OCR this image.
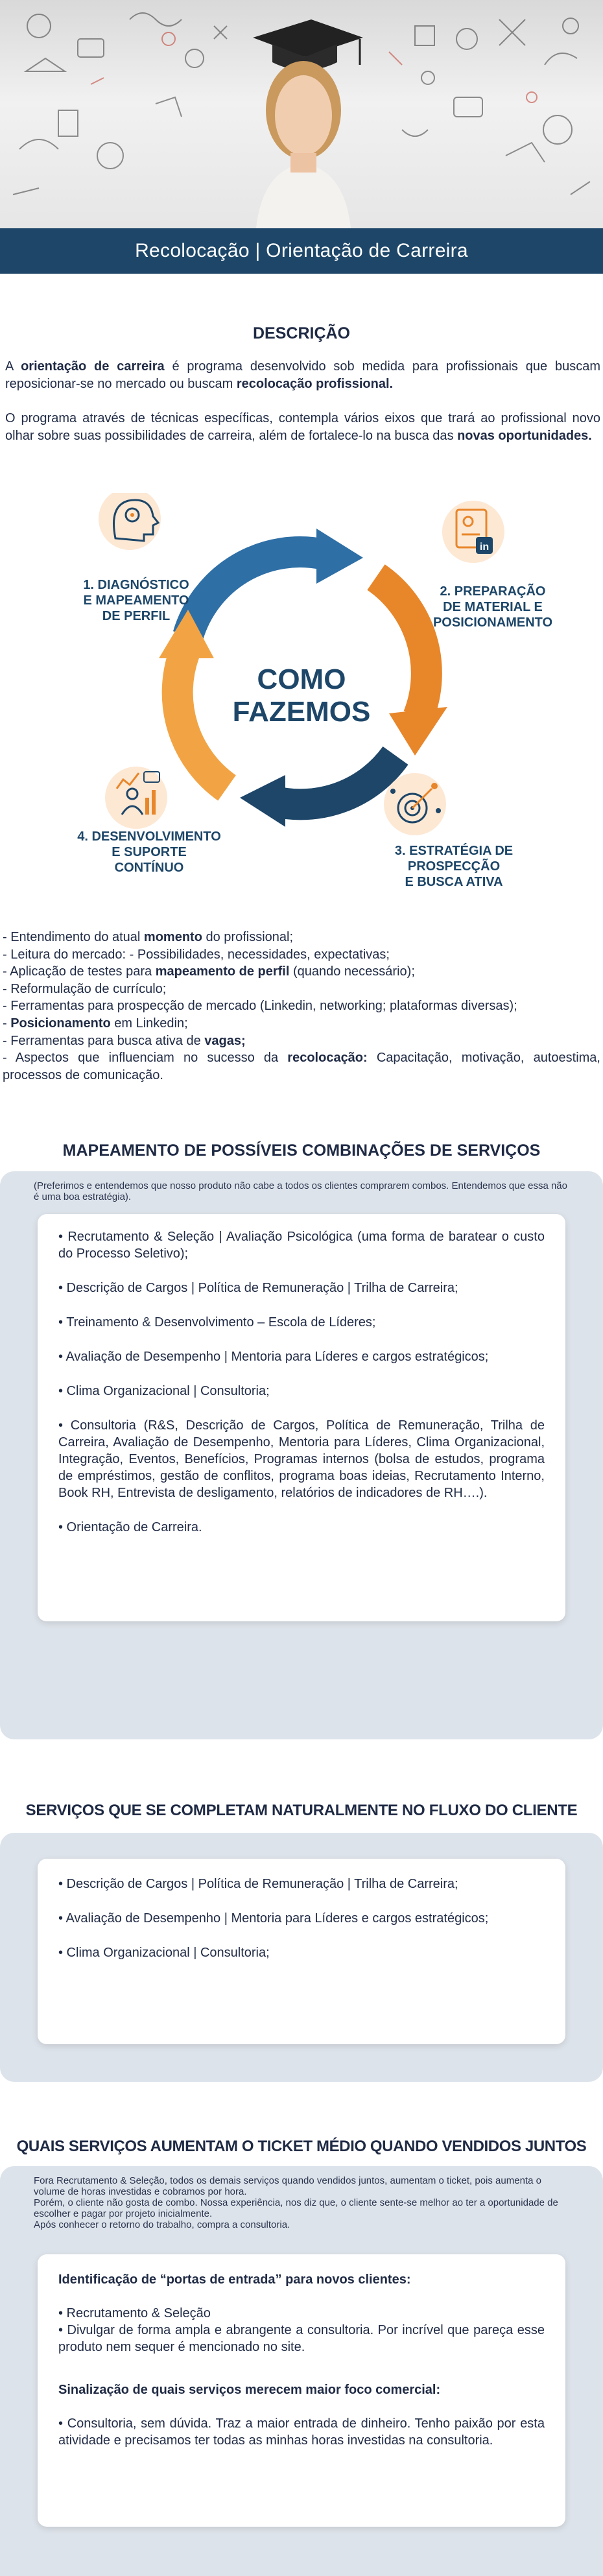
Recolocação | Orientação de Carreira
DESCRIÇÃO
A orientação de carreira é programa desenvolvido sob medida para profissionais que buscam reposicionar-se no mercado ou buscam recolocação profissional.
O programa através de técnicas específicas, contempla vários eixos que trará ao profissional novo olhar sobre suas possibilidades de carreira, além de fortalece-lo na busca das novas oportunidades.
COMO
FAZEMOS
in
1. DIAGNÓSTICO
E MAPEAMENTO
DE PERFIL
2. PREPARAÇÃO
DE MATERIAL E
POSICIONAMENTO
3. ESTRATÉGIA DE
PROSPECÇÃO
E BUSCA ATIVA
4. DESENVOLVIMENTO
E SUPORTE
CONTÍNUO
- Entendimento do atual momento do profissional;
- Leitura do mercado: - Possibilidades, necessidades, expectativas;
- Aplicação de testes para mapeamento de perfil (quando necessário);
- Reformulação de currículo;
- Ferramentas para prospecção de mercado (Linkedin, networking; plataformas diversas);
- Posicionamento em Linkedin;
- Ferramentas para busca ativa de vagas;
- Aspectos que influenciam no sucesso da recolocação: Capacitação, motivação, autoestima, processos de comunicação.
MAPEAMENTO DE POSSÍVEIS COMBINAÇÕES DE SERVIÇOS
(Preferimos e entendemos que nosso produto não cabe a todos os clientes comprarem combos. Entendemos que essa não é uma boa estratégia).
• Recrutamento & Seleção | Avaliação Psicológica (uma forma de baratear o custo do Processo Seletivo);
• Descrição de Cargos | Política de Remuneração | Trilha de Carreira;
• Treinamento & Desenvolvimento – Escola de Líderes;
• Avaliação de Desempenho | Mentoria para Líderes e cargos estratégicos;
• Clima Organizacional | Consultoria;
• Consultoria (R&S, Descrição de Cargos, Política de Remuneração, Trilha de Carreira, Avaliação de Desempenho, Mentoria para Líderes, Clima Organizacional, Integração, Eventos, Benefícios, Programas internos (bolsa de estudos, programa de empréstimos, gestão de conflitos, programa boas ideias, Recrutamento Interno, Book RH, Entrevista de desligamento, relatórios de indicadores de RH….).
• Orientação de Carreira.
SERVIÇOS QUE SE COMPLETAM NATURALMENTE NO FLUXO DO CLIENTE
• Descrição de Cargos | Política de Remuneração | Trilha de Carreira;
• Avaliação de Desempenho | Mentoria para Líderes e cargos estratégicos;
• Clima Organizacional | Consultoria;
QUAIS SERVIÇOS AUMENTAM O TICKET MÉDIO QUANDO VENDIDOS JUNTOS
Fora Recrutamento & Seleção, todos os demais serviços quando vendidos juntos, aumentam o ticket, pois aumenta o volume de horas investidas e cobramos por hora.
Porém, o cliente não gosta de combo. Nossa experiência, nos diz que, o cliente sente-se melhor ao ter a oportunidade de escolher e pagar por projeto inicialmente.
Após conhecer o retorno do trabalho, compra a consultoria.
Identificação de “portas de entrada” para novos clientes:
• Recrutamento & Seleção
• Divulgar de forma ampla e abrangente a consultoria. Por incrível que pareça esse produto nem sequer é mencionado no site.
Sinalização de quais serviços merecem maior foco comercial:
• Consultoria, sem dúvida. Traz a maior entrada de dinheiro. Tenho paixão por esta atividade e precisamos ter todas as minhas horas investidas na consultoria.
